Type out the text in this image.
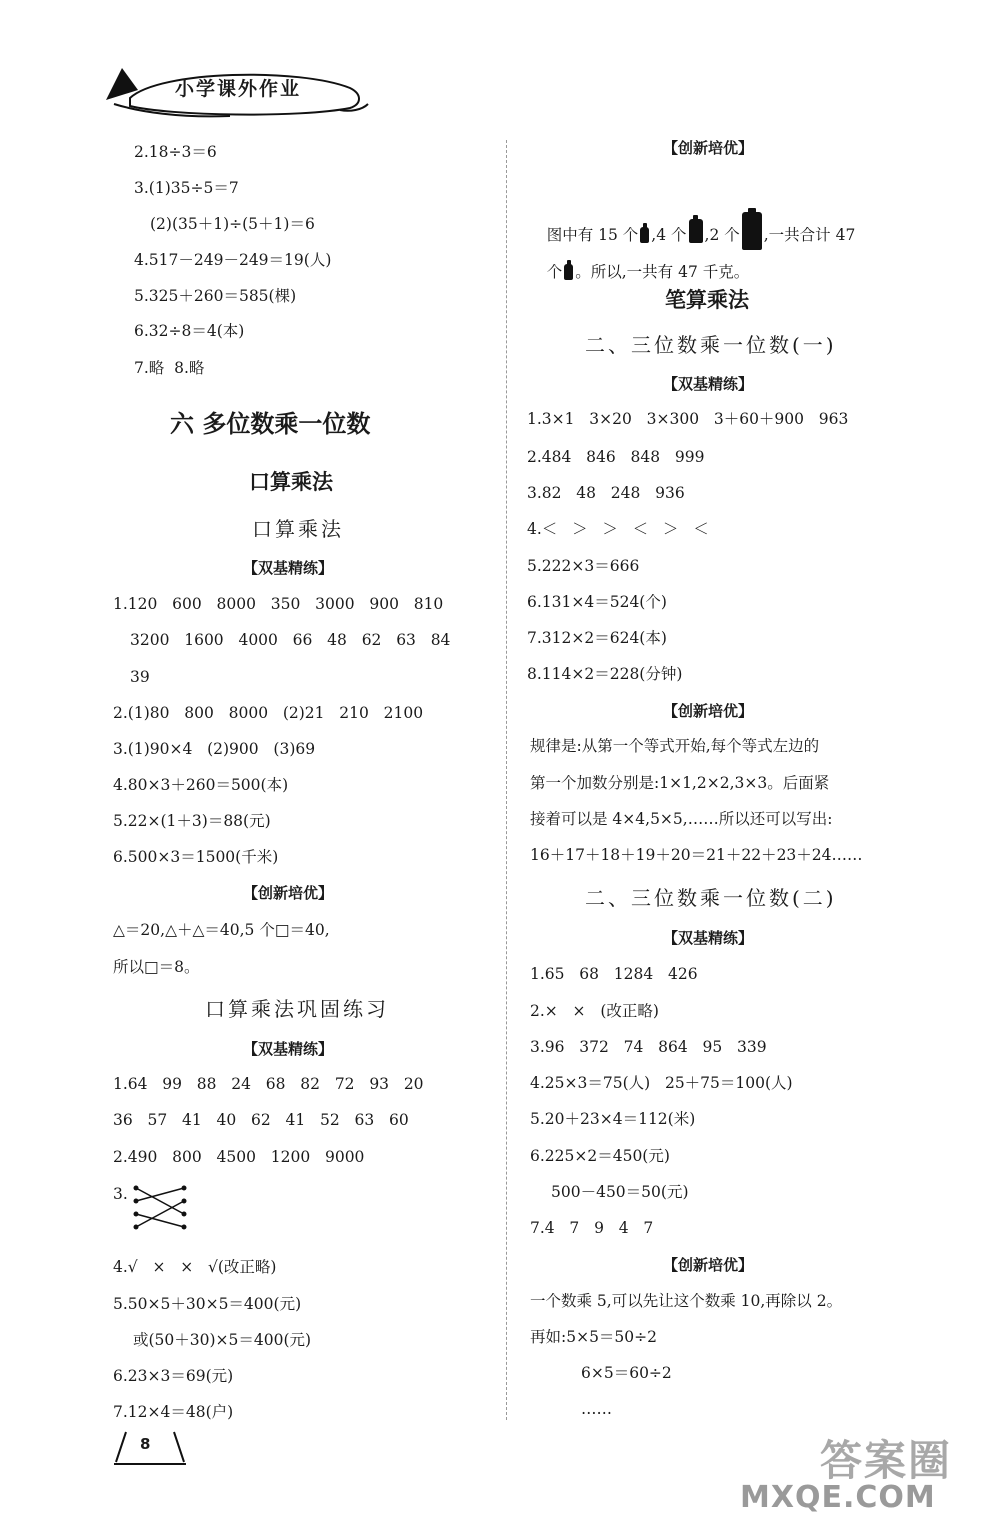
小学课外作业
2.18÷3＝6
3.(1)35÷5＝7
(2)(35＋1)÷(5＋1)＝6
4.517－249－249＝19(人)
5.325＋260＝585(棵)
6.32÷8＝4(本)
7.略  8.略
六 多位数乘一位数
口算乘法
口算乘法
【双基精练】
1.120   600   8000   350   3000   900   810
3200   1600   4000   66   48   62   63   84
39
2.(1)80   800   8000   (2)21   210   2100
3.(1)90×4   (2)900   (3)69
4.80×3＋260＝500(本)
5.22×(1＋3)＝88(元)
6.500×3＝1500(千米)
【创新培优】
△＝20,△＋△＝40,5 个□＝40,
所以□＝8。
口算乘法巩固练习
【双基精练】
1.64   99   88   24   68   82   72   93   20
36   57   41   40   62   41   52   63   60
2.490   800   4500   1200   9000
3.
4.√   ×   ×   √(改正略)
5.50×5＋30×5＝400(元)
或(50＋30)×5＝400(元)
6.23×3＝69(元)
7.12×4＝48(户)
【创新培优】

图中有 15 个 ,4 个 ,2 个 ,一共合计 47

个 。所以,一共有 47 千克。

笔算乘法
二、三位数乘一位数(一)
【双基精练】
1.3×1   3×20   3×300   3＋60＋900   963
2.484   846   848   999
3.82   48   248   936
4.＜   ＞   ＞   ＜   ＞   ＜
5.222×3＝666
6.131×4＝524(个)
7.312×2＝624(本)
8.114×2＝228(分钟)
【创新培优】
规律是:从第一个等式开始,每个等式左边的
第一个加数分别是:1×1,2×2,3×3。后面紧
接着可以是 4×4,5×5,……所以还可以写出:
16＋17＋18＋19＋20＝21＋22＋23＋24……
二、三位数乘一位数(二)
【双基精练】
1.65   68   1284   426
2.×   ×   (改正略)
3.96   372   74   864   95   339
4.25×3＝75(人)   25＋75＝100(人)
5.20＋23×4＝112(米)
6.225×2＝450(元)
500－450＝50(元)
7.4   7   9   4   7
【创新培优】
一个数乘 5,可以先让这个数乘 10,再除以 2。
再如:5×5＝50÷2
6×5＝60÷2
……
8	答案圈
MXQE.COM
